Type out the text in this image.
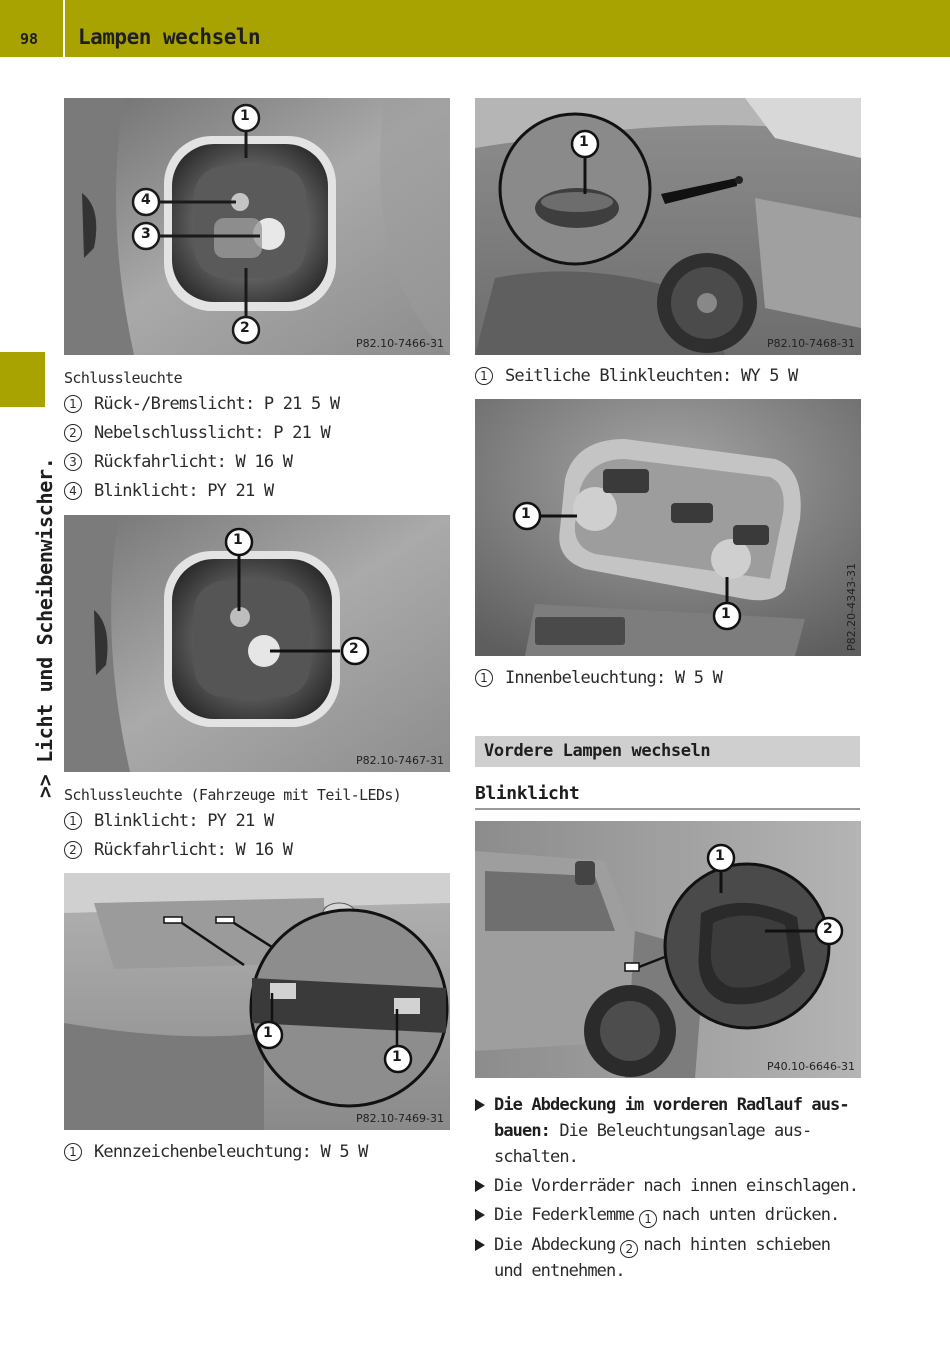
98 Lampen wechseln
>> Licht und Scheibenwischer.
1
4
3
2
P82.10-7466-31
Schlussleuchte
1	Rück-/Bremslicht : P 21 5 W
2	Nebelschlusslicht : P 21 W
3	Rückfahrlicht : W 16 W
4	Blinklicht : PY 21 W
1
P82.10-7468-31
1	Seitliche Blinkleuchten : WY 5 W
1
1	P82.20-4343-31
1	Innenbeleuchtung : W 5 W
1
2
P82.10-7467-31
Schlussleuchte (Fahrzeuge mit Teil-LEDs)
1	Blinklicht : PY 21 W
2	Rückfahrlicht : W 16 W
1
1
P82.10-7469-31
1	Kennzeichenbeleuchtung : W 5 W
Vordere Lampen wechseln
Blinklicht
1
2
P40.10-6646-31
Die Abdeckung im vorderen Radlauf aus-bauen: Die Beleuchtungsanlage aus-schalten.
Die Vorderräder nach innen einschlagen.
Die Federklemme 1 nach unten drücken.
Die Abdeckung 2 nach hinten schieben und entnehmen.
